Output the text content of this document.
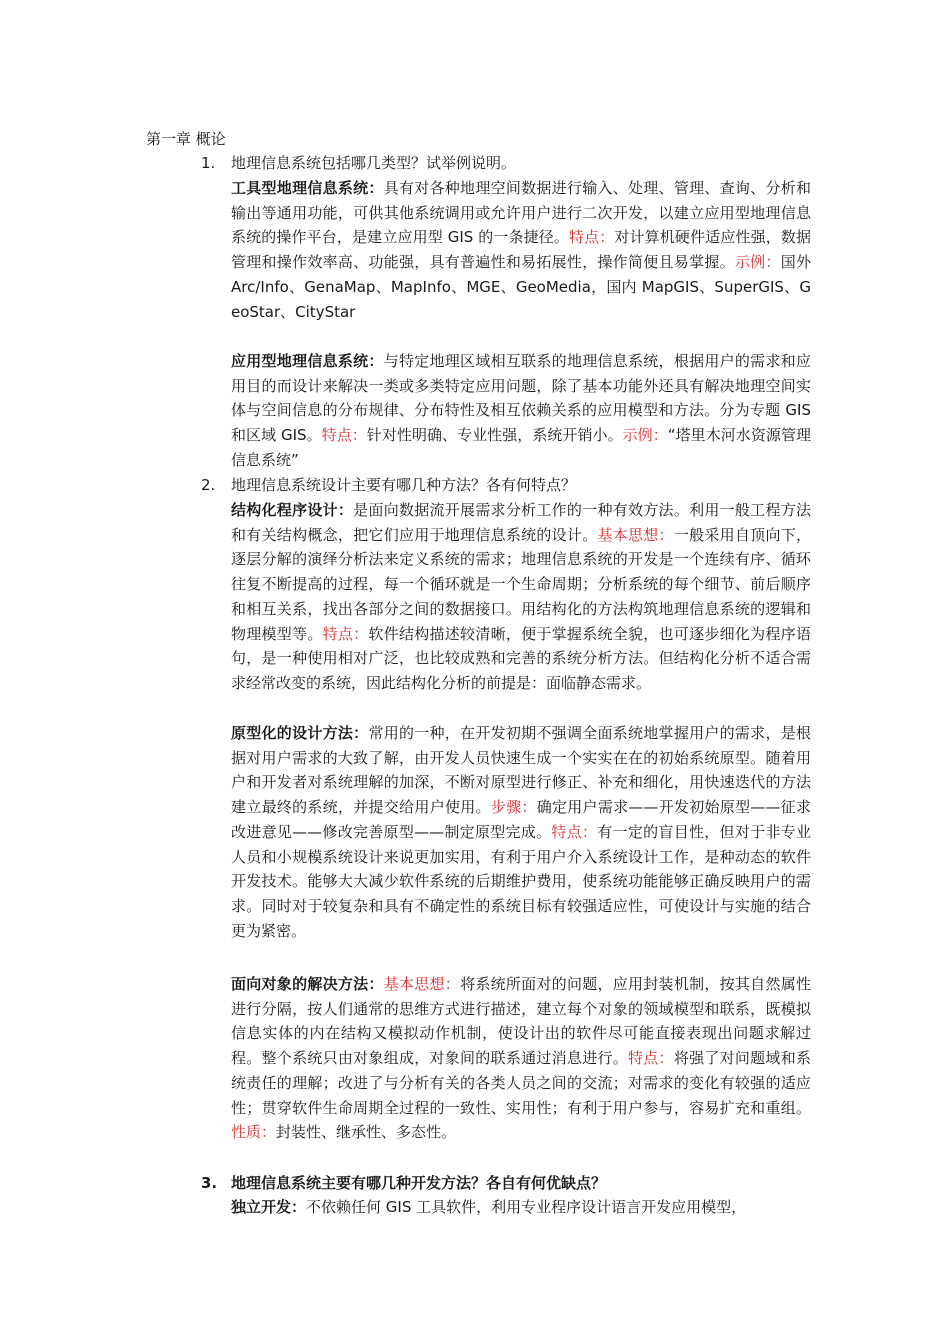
第一章 概论
1.	地理信息系统包括哪几类型？试举例说明。
工具型地理信息系统：具有对各种地理空间数据进行输入、处理、管理、查询、分析和输出等通用功能，可供其他系统调用或允许用户进行二次开发，以建立应用型地理信息系统的操作平台，是建立应用型 GIS 的一条捷径。特点：对计算机硬件适应性强，数据管理和操作效率高、功能强，具有普遍性和易拓展性，操作简便且易掌握。示例：国外 Arc/Info、GenaMap、MapInfo、MGE、GeoMedia，国内 MapGIS、SuperGIS、GeoStar、CityStar
应用型地理信息系统：与特定地理区域相互联系的地理信息系统，根据用户的需求和应用目的而设计来解决一类或多类特定应用问题，除了基本功能外还具有解决地理空间实体与空间信息的分布规律、分布特性及相互依赖关系的应用模型和方法。分为专题 GIS 和区域 GIS。特点：针对性明确、专业性强，系统开销小。示例：“塔里木河水资源管理信息系统”
2.	地理信息系统设计主要有哪几种方法？各有何特点？
结构化程序设计：是面向数据流开展需求分析工作的一种有效方法。利用一般工程方法和有关结构概念，把它们应用于地理信息系统的设计。基本思想：一般采用自顶向下，逐层分解的演绎分析法来定义系统的需求；地理信息系统的开发是一个连续有序、循环往复不断提高的过程，每一个循环就是一个生命周期；分析系统的每个细节、前后顺序和相互关系，找出各部分之间的数据接口。用结构化的方法构筑地理信息系统的逻辑和物理模型等。特点：软件结构描述较清晰，便于掌握系统全貌，也可逐步细化为程序语句，是一种使用相对广泛，也比较成熟和完善的系统分析方法。但结构化分析不适合需求经常改变的系统，因此结构化分析的前提是：面临静态需求。
原型化的设计方法：常用的一种，在开发初期不强调全面系统地掌握用户的需求，是根据对用户需求的大致了解，由开发人员快速生成一个实实在在的初始系统原型。随着用户和开发者对系统理解的加深，不断对原型进行修正、补充和细化，用快速迭代的方法建立最终的系统，并提交给用户使用。步骤：确定用户需求——开发初始原型——征求改进意见——修改完善原型——制定原型完成。特点：有一定的盲目性，但对于非专业人员和小规模系统设计来说更加实用，有利于用户介入系统设计工作，是种动态的软件开发技术。能够大大减少软件系统的后期维护费用，使系统功能能够正确反映用户的需求。同时对于较复杂和具有不确定性的系统目标有较强适应性，可使设计与实施的结合更为紧密。
面向对象的解决方法：基本思想：将系统所面对的问题，应用封装机制，按其自然属性进行分隔，按人们通常的思维方式进行描述，建立每个对象的领域模型和联系，既模拟信息实体的内在结构又模拟动作机制，使设计出的软件尽可能直接表现出问题求解过程。整个系统只由对象组成，对象间的联系通过消息进行。特点：将强了对问题域和系统责任的理解；改进了与分析有关的各类人员之间的交流；对需求的变化有较强的适应性；贯穿软件生命周期全过程的一致性、实用性；有利于用户参与，容易扩充和重组。性质：封装性、继承性、多态性。
3. 地理信息系统主要有哪几种开发方法？各自有何优缺点？
独立开发：不依赖任何 GIS 工具软件，利用专业程序设计语言开发应用模型，
